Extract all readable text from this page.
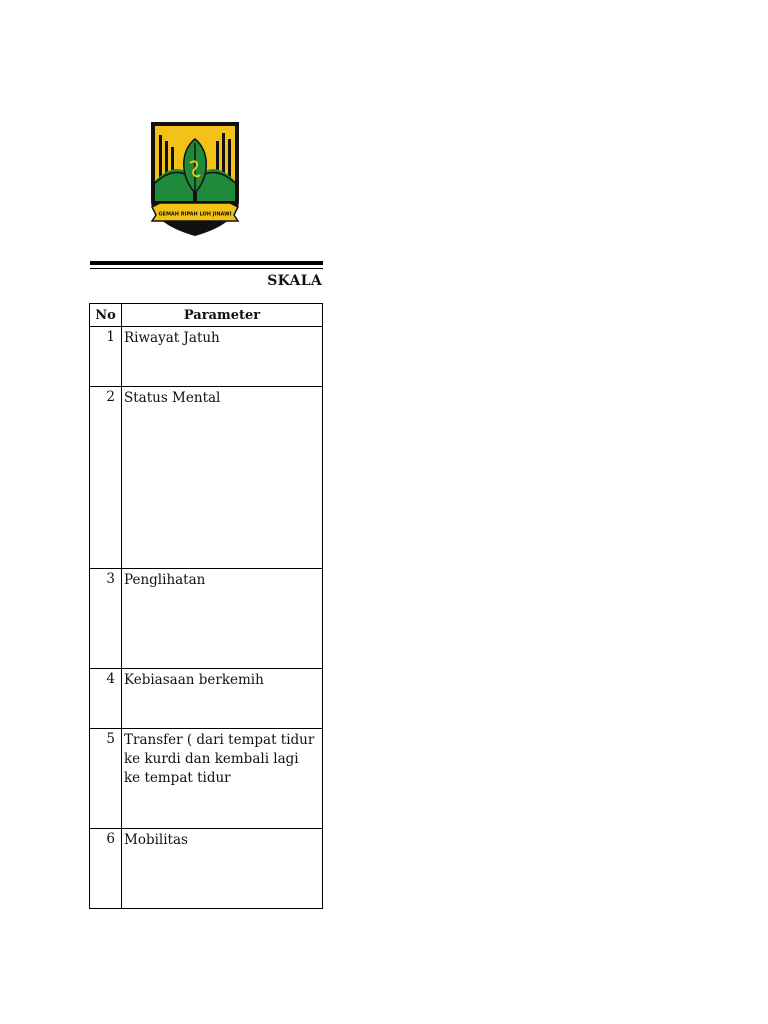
GEMAH RIPAH LOH JINAWI
SKALA
No	Parameter
1	Riwayat Jatuh
2	Status Mental
3	Penglihatan
4	Kebiasaan berkemih
5	Transfer ( dari tempat tidur ke kurdi dan kembali lagi ke tempat tidur
6	Mobilitas
